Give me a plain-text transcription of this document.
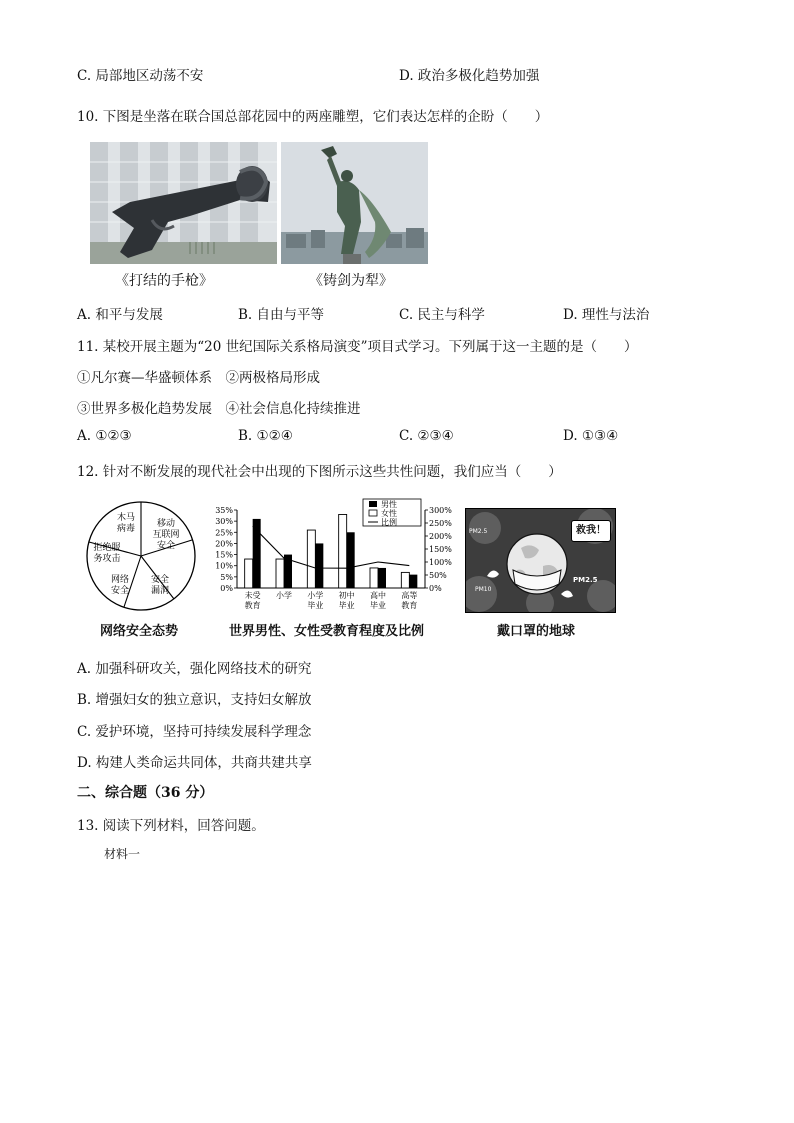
C. 局部地区动荡不安	D. 政治多极化趋势加强
10. 下图是坐落在联合国总部花园中的两座雕塑，它们表达怎样的企盼（　　）
《打结的手枪》	《铸剑为犁》
A. 和平与发展	B. 自由与平等	C. 民主与科学	D. 理性与法治
11. 某校开展主题为“20 世纪国际关系格局演变”项目式学习。下列属于这一主题的是（　　）
①凡尔赛—华盛顿体系　②两极格局形成
③世界多极化趋势发展　④社会信息化持续推进
A. ①②③	B. ①②④	C. ②③④	D. ①③④
12. 针对不断发展的现代社会中出现的下图所示这些共性问题，我们应当（　　）
木马病毒	移动互联网安全
安全漏洞
网络安全
拒绝服务攻击
网络安全态势
35%
30%
25%
20%
15%
10%
5%
0%
300%
250%
200%
150%
100%
50%
0%
未受教育
小学 小学毕业
初中毕业
高中毕业
高等教育
男性
女性
比例
世界男性、女性受教育程度及比例
救我！
PM2.5
PM10
PM2.5
戴口罩的地球
A. 加强科研攻关，强化网络技术的研究
B. 增强妇女的独立意识，支持妇女解放
C. 爱护环境，坚持可持续发展科学理念
D. 构建人类命运共同体，共商共建共享
二、综合题（36 分）
13. 阅读下列材料，回答问题。
材料一
